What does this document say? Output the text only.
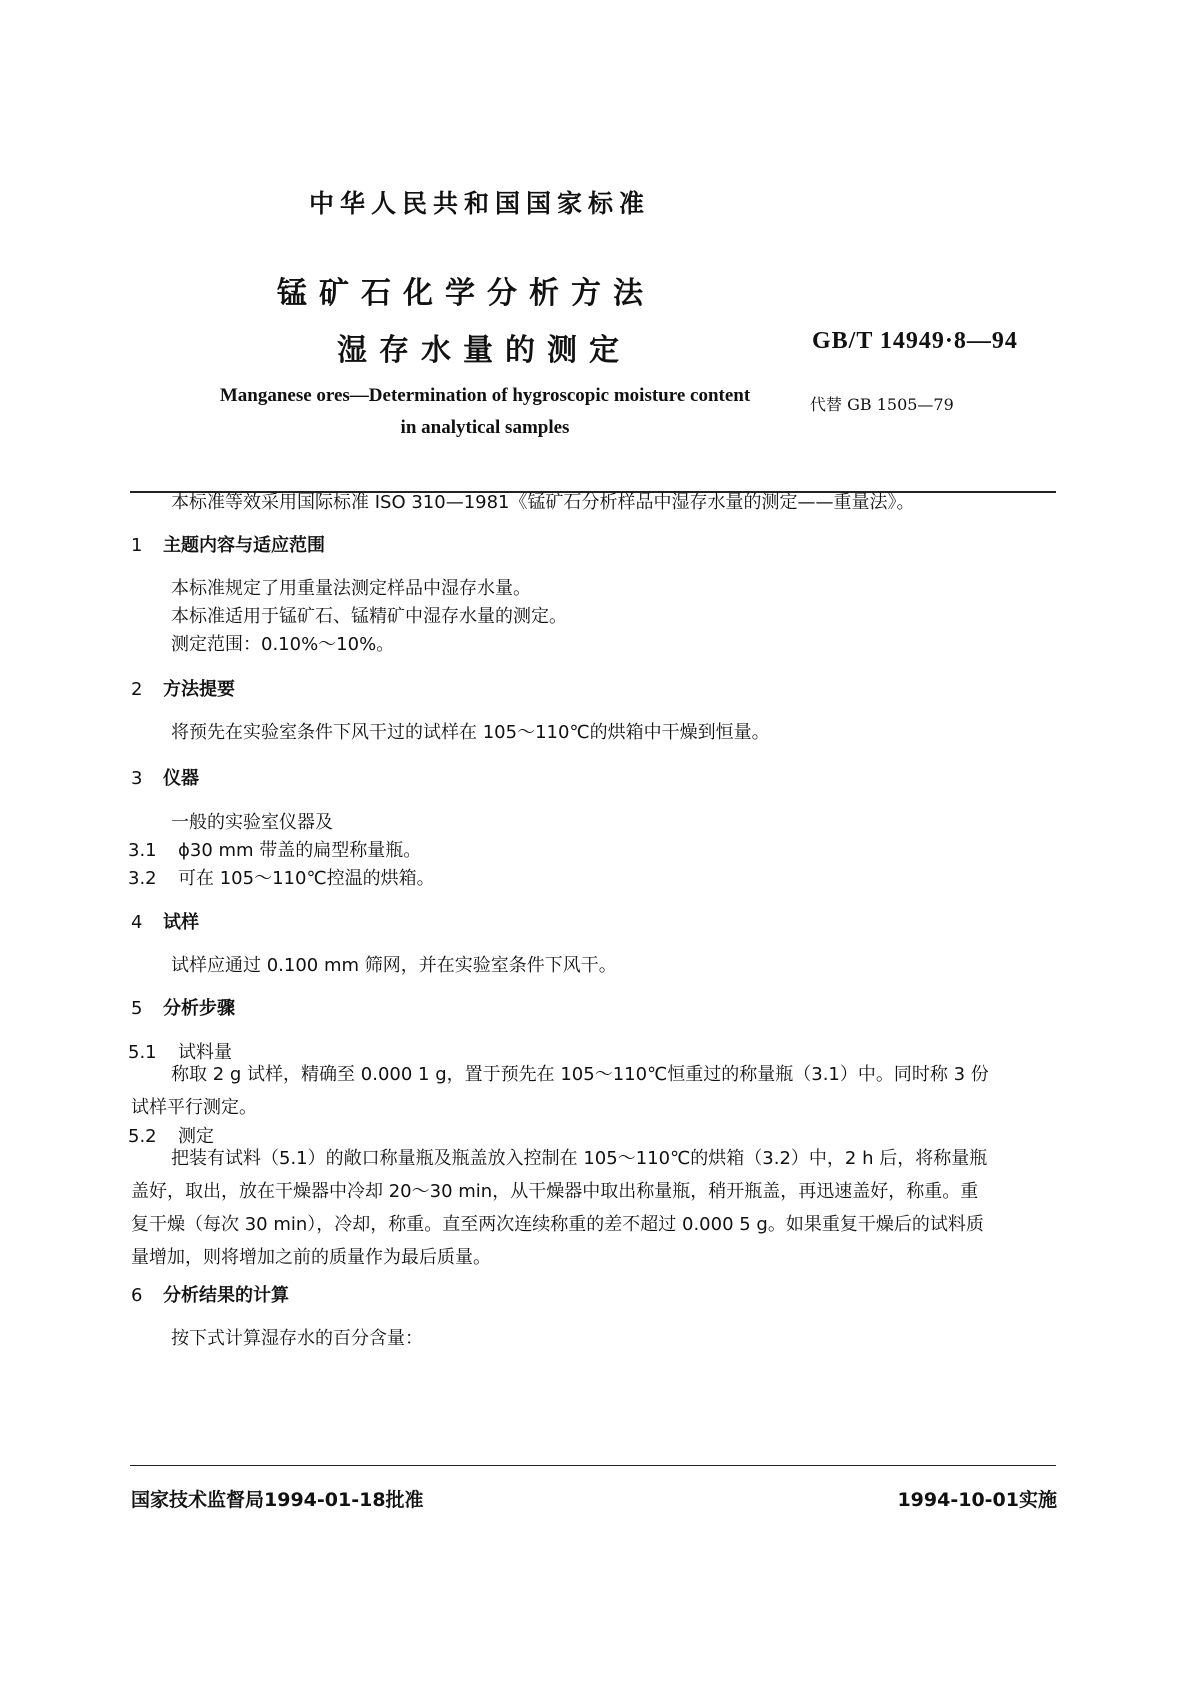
中华人民共和国国家标准
锰矿石化学分析方法
湿存水量的测定	GB/T 14949·8—94
Manganese ores—Determination of hygroscopic moisture content
in analytical samples
代替 GB 1505—79
本标准等效采用国际标准 ISO 310—1981《锰矿石分析样品中湿存水量的测定——重量法》。
1 主题内容与适应范围
本标准规定了用重量法测定样品中湿存水量。
本标准适用于锰矿石、锰精矿中湿存水量的测定。
测定范围：0.10%～10%。
2 方法提要
将预先在实验室条件下风干过的试样在 105～110℃的烘箱中干燥到恒量。
3 仪器
一般的实验室仪器及
3.1 ϕ30 mm 带盖的扁型称量瓶。
3.2 可在 105～110℃控温的烘箱。
4 试样
试样应通过 0.100 mm 筛网，并在实验室条件下风干。
5 分析步骤
5.1 试料量
称取 2 g 试样，精确至 0.000 1 g，置于预先在 105～110℃恒重过的称量瓶（3.1）中。同时称 3 份试样平行测定。
5.2 测定
把装有试料（5.1）的敞口称量瓶及瓶盖放入控制在 105～110℃的烘箱（3.2）中，2 h 后，将称量瓶盖好，取出，放在干燥器中冷却 20～30 min，从干燥器中取出称量瓶，稍开瓶盖，再迅速盖好，称重。重复干燥（每次 30 min），冷却，称重。直至两次连续称重的差不超过 0.000 5 g。如果重复干燥后的试料质量增加，则将增加之前的质量作为最后质量。
6 分析结果的计算
按下式计算湿存水的百分含量：
国家技术监督局1994-01-18批准	1994-10-01实施
